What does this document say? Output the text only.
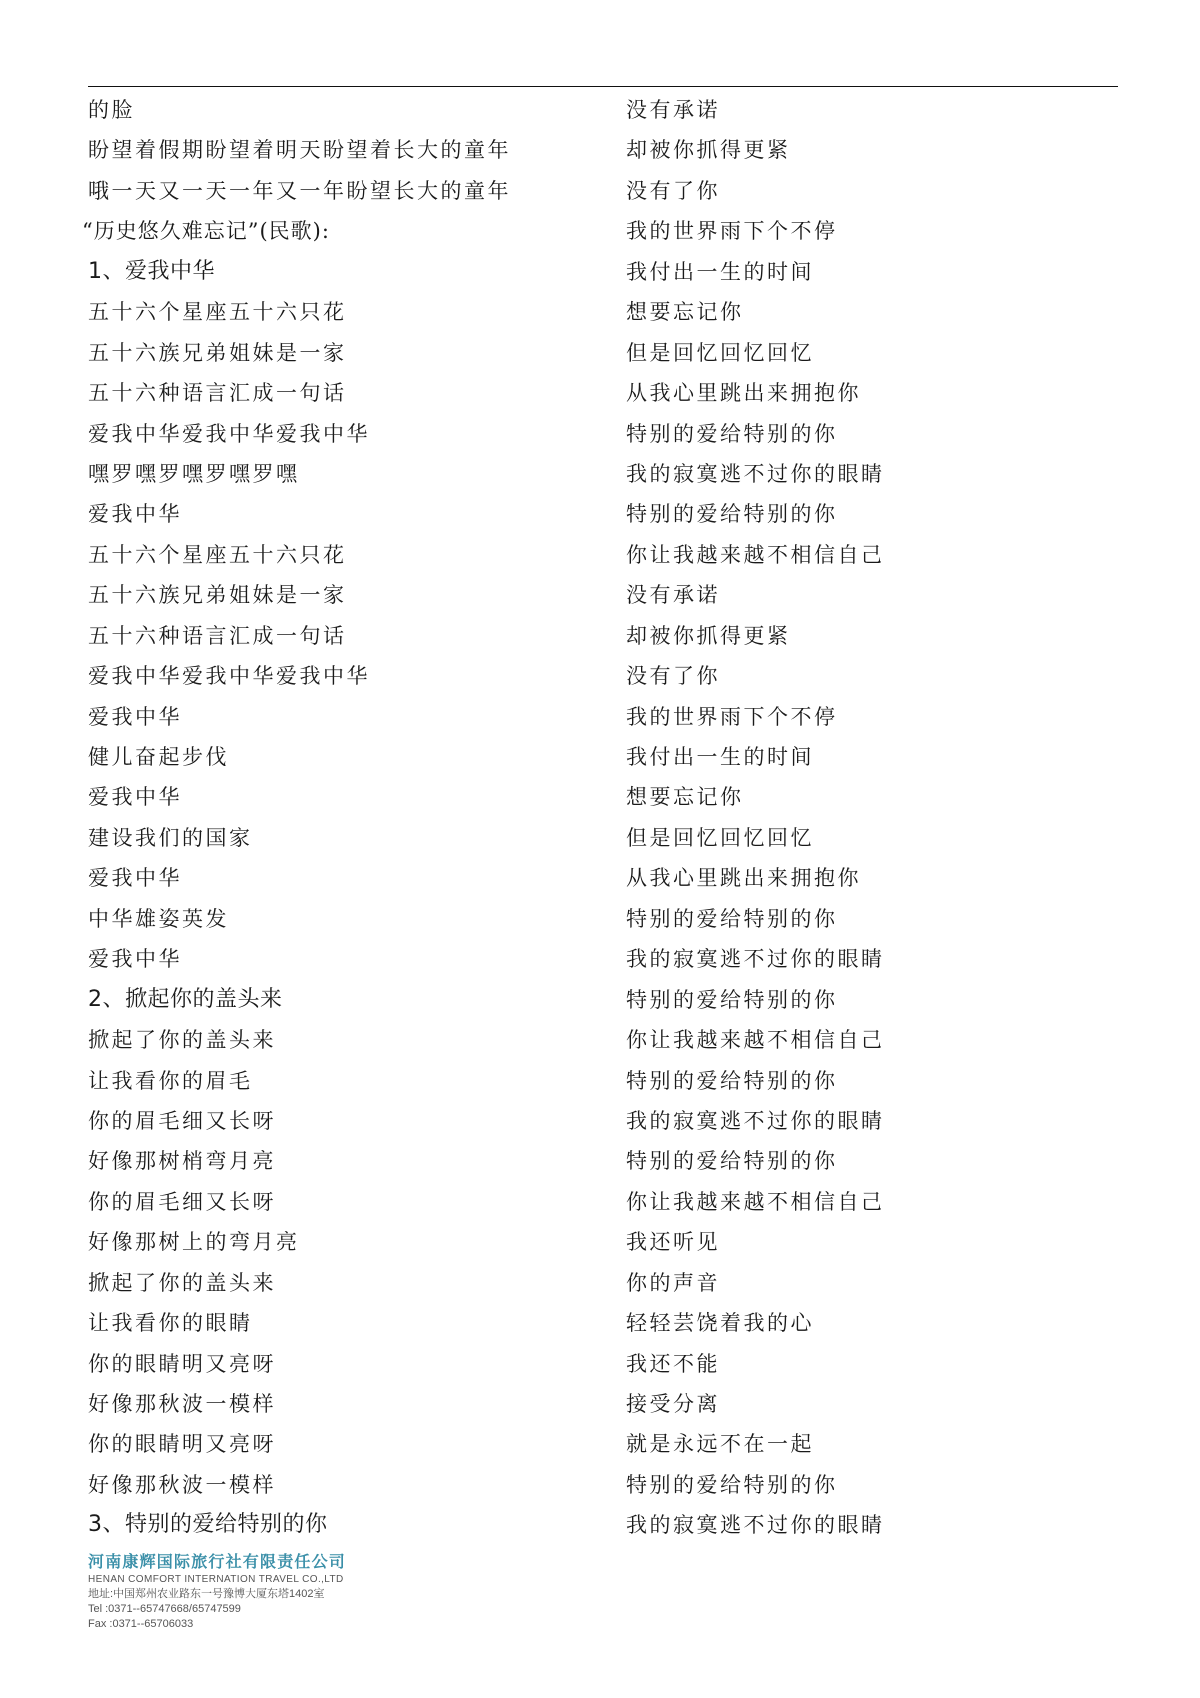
的脸
盼望着假期盼望着明天盼望着长大的童年
哦一天又一天一年又一年盼望长大的童年
“历史悠久难忘记”(民歌):
1、爱我中华
五十六个星座五十六只花
五十六族兄弟姐妹是一家
五十六种语言汇成一句话
爱我中华爱我中华爱我中华
嘿罗嘿罗嘿罗嘿罗嘿
爱我中华
五十六个星座五十六只花
五十六族兄弟姐妹是一家
五十六种语言汇成一句话
爱我中华爱我中华爱我中华
爱我中华
健儿奋起步伐
爱我中华
建设我们的国家
爱我中华
中华雄姿英发
爱我中华
2、掀起你的盖头来
掀起了你的盖头来
让我看你的眉毛
你的眉毛细又长呀
好像那树梢弯月亮
你的眉毛细又长呀
好像那树上的弯月亮
掀起了你的盖头来
让我看你的眼睛
你的眼睛明又亮呀
好像那秋波一模样
你的眼睛明又亮呀
好像那秋波一模样
3、特别的爱给特别的你
没有承诺
却被你抓得更紧
没有了你
我的世界雨下个不停
我付出一生的时间
想要忘记你
但是回忆回忆回忆
从我心里跳出来拥抱你
特别的爱给特别的你
我的寂寞逃不过你的眼睛
特别的爱给特别的你
你让我越来越不相信自己
没有承诺
却被你抓得更紧
没有了你
我的世界雨下个不停
我付出一生的时间
想要忘记你
但是回忆回忆回忆
从我心里跳出来拥抱你
特别的爱给特别的你
我的寂寞逃不过你的眼睛
特别的爱给特别的你
你让我越来越不相信自己
特别的爱给特别的你
我的寂寞逃不过你的眼睛
特别的爱给特别的你
你让我越来越不相信自己
我还听见
你的声音
轻轻芸饶着我的心
我还不能
接受分离
就是永远不在一起
特别的爱给特别的你
我的寂寞逃不过你的眼睛
河南康辉国际旅行社有限责任公司
HENAN COMFORT INTERNATION TRAVEL CO.,LTD
地址:中国郑州农业路东一号豫博大厦东塔1402室
Tel :0371--65747668/65747599
Fax :0371--65706033
